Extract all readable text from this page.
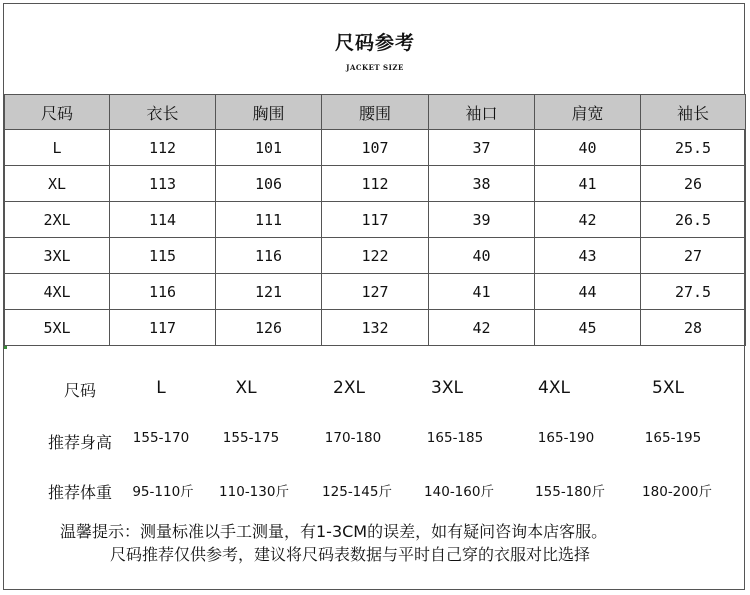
尺码参考
JACKET SIZE
尺码	衣长	胸围	腰围	袖口	肩宽	袖长
L	112	101	107	37	40	25.5
XL	113	106	112	38	41	26
2XL	114	111	117	39	42	26.5
3XL	115	116	122	40	43	27
4XL	116	121	127	41	44	27.5
5XL	117	126	132	42	45	28
尺码	L	XL	2XL	3XL	4XL	5XL
推荐身高 155-170 155-175	170-180	165-185	165-190	165-195
推荐体重 95-110斤 110-130斤 125-145斤 140-160斤	155-180斤	180-200斤
温馨提示：测量标准以手工测量，有1-3CM的误差，如有疑问咨询本店客服。
尺码推荐仅供参考，建议将尺码表数据与平时自己穿的衣服对比选择
